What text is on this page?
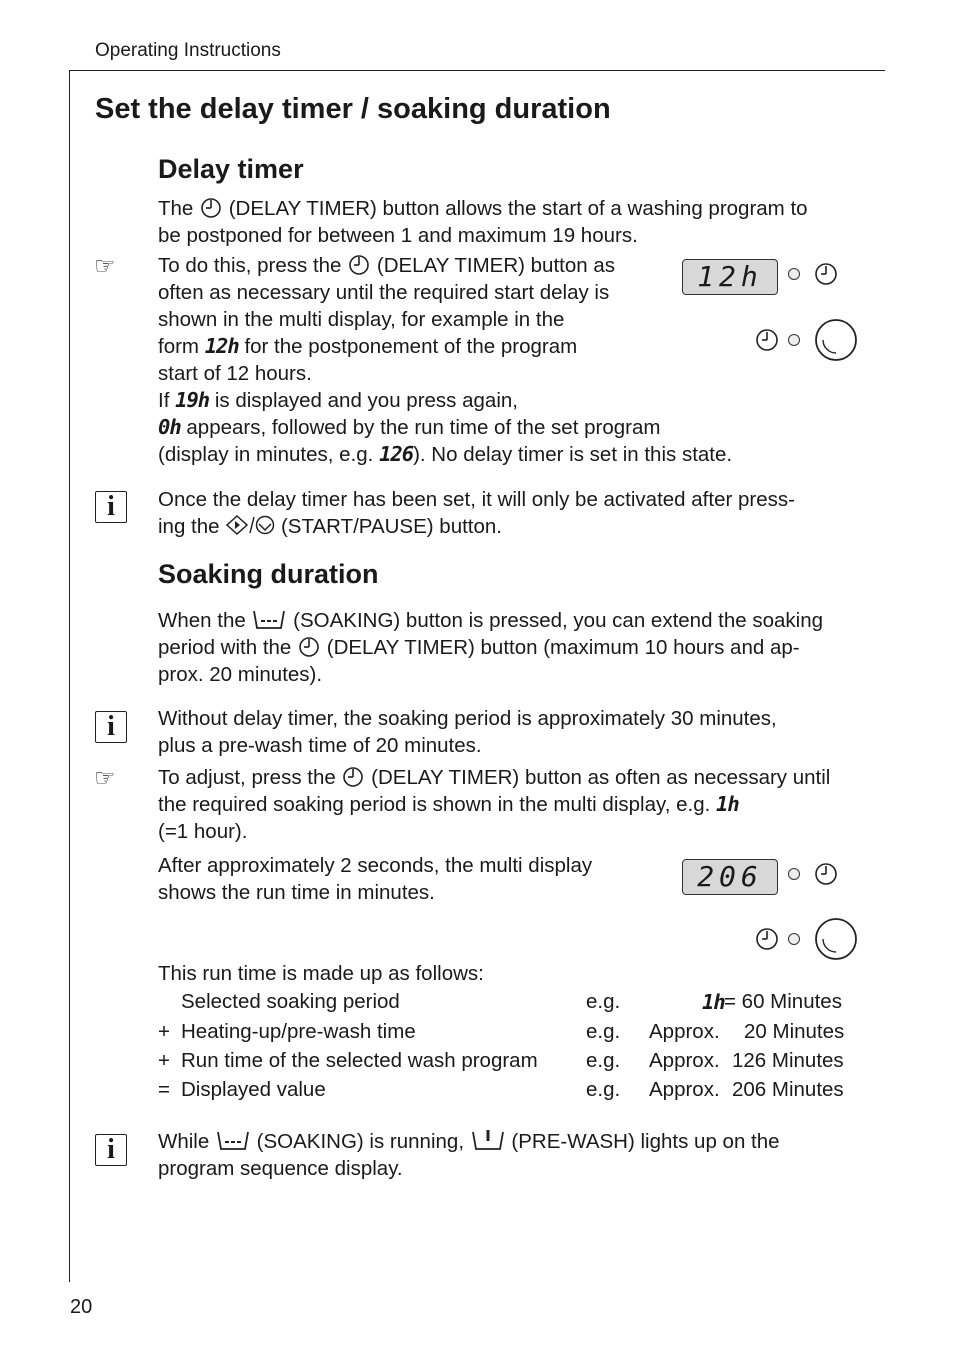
Operating Instructions
20
Set the delay timer / soaking duration
Delay timer
The (DELAY TIMER) button allows the start of a washing program to
be postponed for between 1 and maximum 19 hours.
☞ To do this, press the (DELAY TIMER) button as
often as necessary until the required start delay is
shown in the multi display, for example in the
form 12h for the postponement of the program
start of 12 hours.
If 19h is displayed and you press again,
0h appears, followed by the run time of the set program
(display in minutes, e.g. 126). No delay timer is set in this state.
12h
i	Once the delay timer has been set, it will only be activated after press-
ing the	(START/PAUSE) button.
Soaking duration
When the (SOAKING) button is pressed, you can extend the soaking
period with the (DELAY TIMER) button (maximum 10 hours and ap-
prox. 20 minutes).
i	Without delay timer, the soaking period is approximately 30 minutes,
plus a pre-wash time of 20 minutes.
☞ To adjust, press the (DELAY TIMER) button as often as necessary until
the required soaking period is shown in the multi display, e.g. 1h
(=1 hour).
After approximately 2 seconds, the multi display
shows the run time in minutes.	206
This run time is made up as follows:
Selected soaking period	e.g.	1h = 60 Minutes
+ Heating-up/pre-wash time	e.g. Approx. 20 Minutes
+ Run time of the selected wash program e.g. Approx. 126 Minutes
= Displayed value	e.g. Approx. 206 Minutes
i	While (SOAKING) is running, (PRE-WASH) lights up on the
program sequence display.
